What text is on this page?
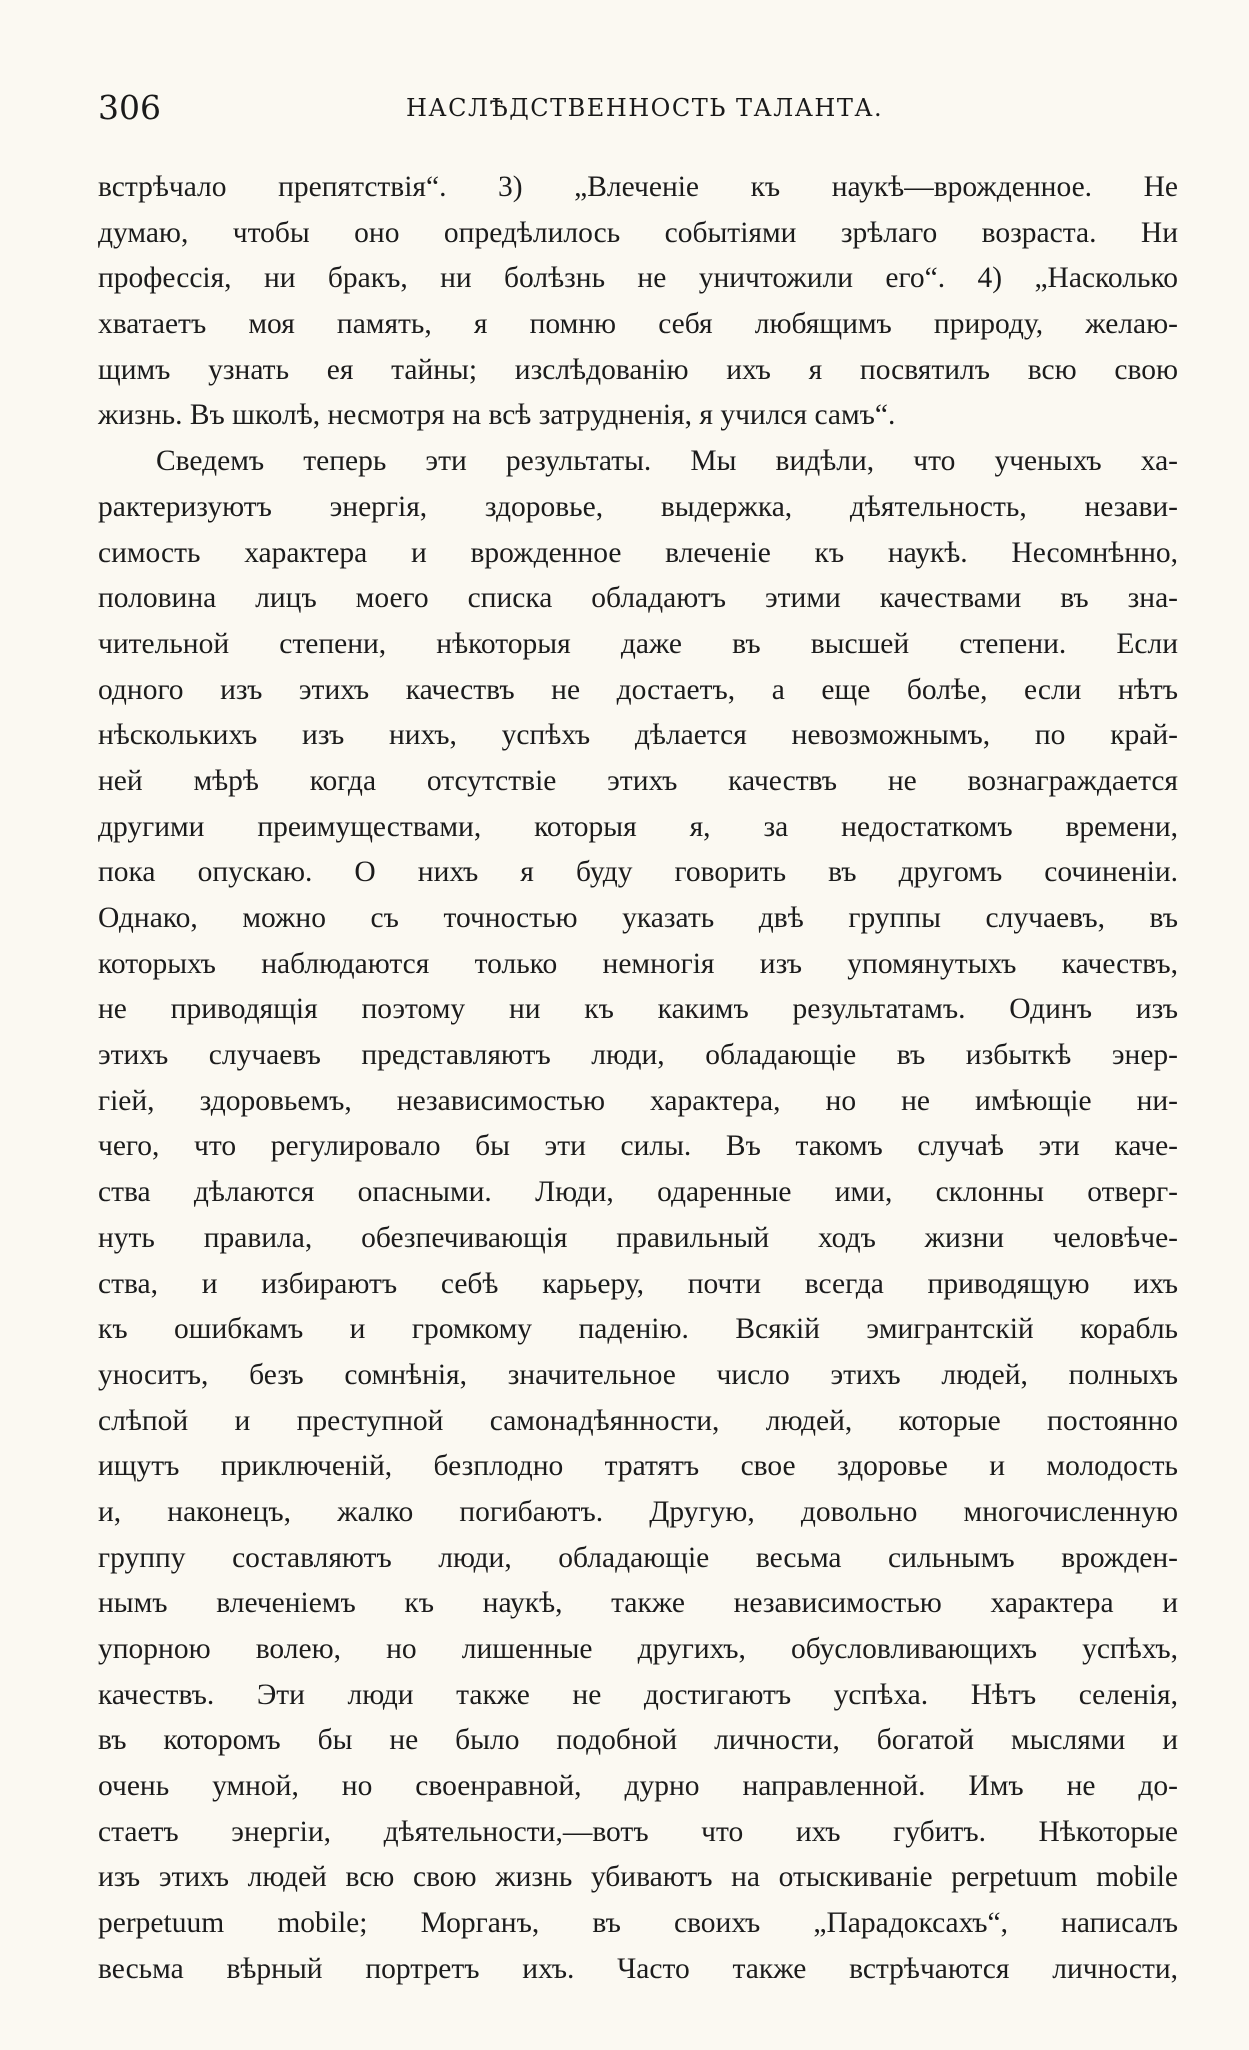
306	НАСЛѢДСТВЕННОСТЬ ТАЛАНТА.
встрѣчало препятствія“. 3) „Влеченіе къ наукѣ—врожденное. Не
думаю, чтобы оно опредѣлилось событіями зрѣлаго возраста. Ни
профессія, ни бракъ, ни болѣзнь не уничтожили его“. 4) „Насколько
хватаетъ моя память, я помню себя любящимъ природу, желаю-
щимъ узнать ея тайны; изслѣдованію ихъ я посвятилъ всю свою
жизнь. Въ школѣ, несмотря на всѣ затрудненія, я учился самъ“.
Сведемъ теперь эти результаты. Мы видѣли, что ученыхъ ха-
рактеризуютъ энергія, здоровье, выдержка, дѣятельность, незави-
симость характера и врожденное влеченіе къ наукѣ. Несомнѣнно,
половина лицъ моего списка обладаютъ этими качествами въ зна-
чительной степени, нѣкоторыя даже въ высшей степени. Если
одного изъ этихъ качествъ не достаетъ, а еще болѣе, если нѣтъ
нѣсколькихъ изъ нихъ, успѣхъ дѣлается невозможнымъ, по край-
ней мѣрѣ когда отсутствіе этихъ качествъ не вознаграждается
другими преимуществами, которыя я, за недостаткомъ времени,
пока опускаю. О нихъ я буду говорить въ другомъ сочиненіи.
Однако, можно съ точностью указать двѣ группы случаевъ, въ
которыхъ наблюдаются только немногія изъ упомянутыхъ качествъ,
не приводящія поэтому ни къ какимъ результатамъ. Одинъ изъ
этихъ случаевъ представляютъ люди, обладающіе въ избыткѣ энер-
гіей, здоровьемъ, независимостью характера, но не имѣющіе ни-
чего, что регулировало бы эти силы. Въ такомъ случаѣ эти каче-
ства дѣлаются опасными. Люди, одаренные ими, склонны отверг-
нуть правила, обезпечивающія правильный ходъ жизни человѣче-
ства, и избираютъ себѣ карьеру, почти всегда приводящую ихъ
къ ошибкамъ и громкому паденію. Всякій эмигрантскій корабль
уноситъ, безъ сомнѣнія, значительное число этихъ людей, полныхъ
слѣпой и преступной самонадѣянности, людей, которые постоянно
ищутъ приключеній, безплодно тратятъ свое здоровье и молодость
и, наконецъ, жалко погибаютъ. Другую, довольно многочисленную
группу составляютъ люди, обладающіе весьма сильнымъ врожден-
нымъ влеченіемъ къ наукѣ, также независимостью характера и
упорною волею, но лишенные другихъ, обусловливающихъ успѣхъ,
качествъ. Эти люди также не достигаютъ успѣха. Нѣтъ селенія,
въ которомъ бы не было подобной личности, богатой мыслями и
очень умной, но своенравной, дурно направленной. Имъ не до-
стаетъ энергіи, дѣятельности,—вотъ что ихъ губитъ. Нѣкоторые
изъ этихъ людей всю свою жизнь убиваютъ на отыскиваніе perpetuum mobile
perpetuum mobile; Морганъ, въ своихъ „Парадоксахъ“, написалъ
весьма вѣрный портретъ ихъ. Часто также встрѣчаются личности,
